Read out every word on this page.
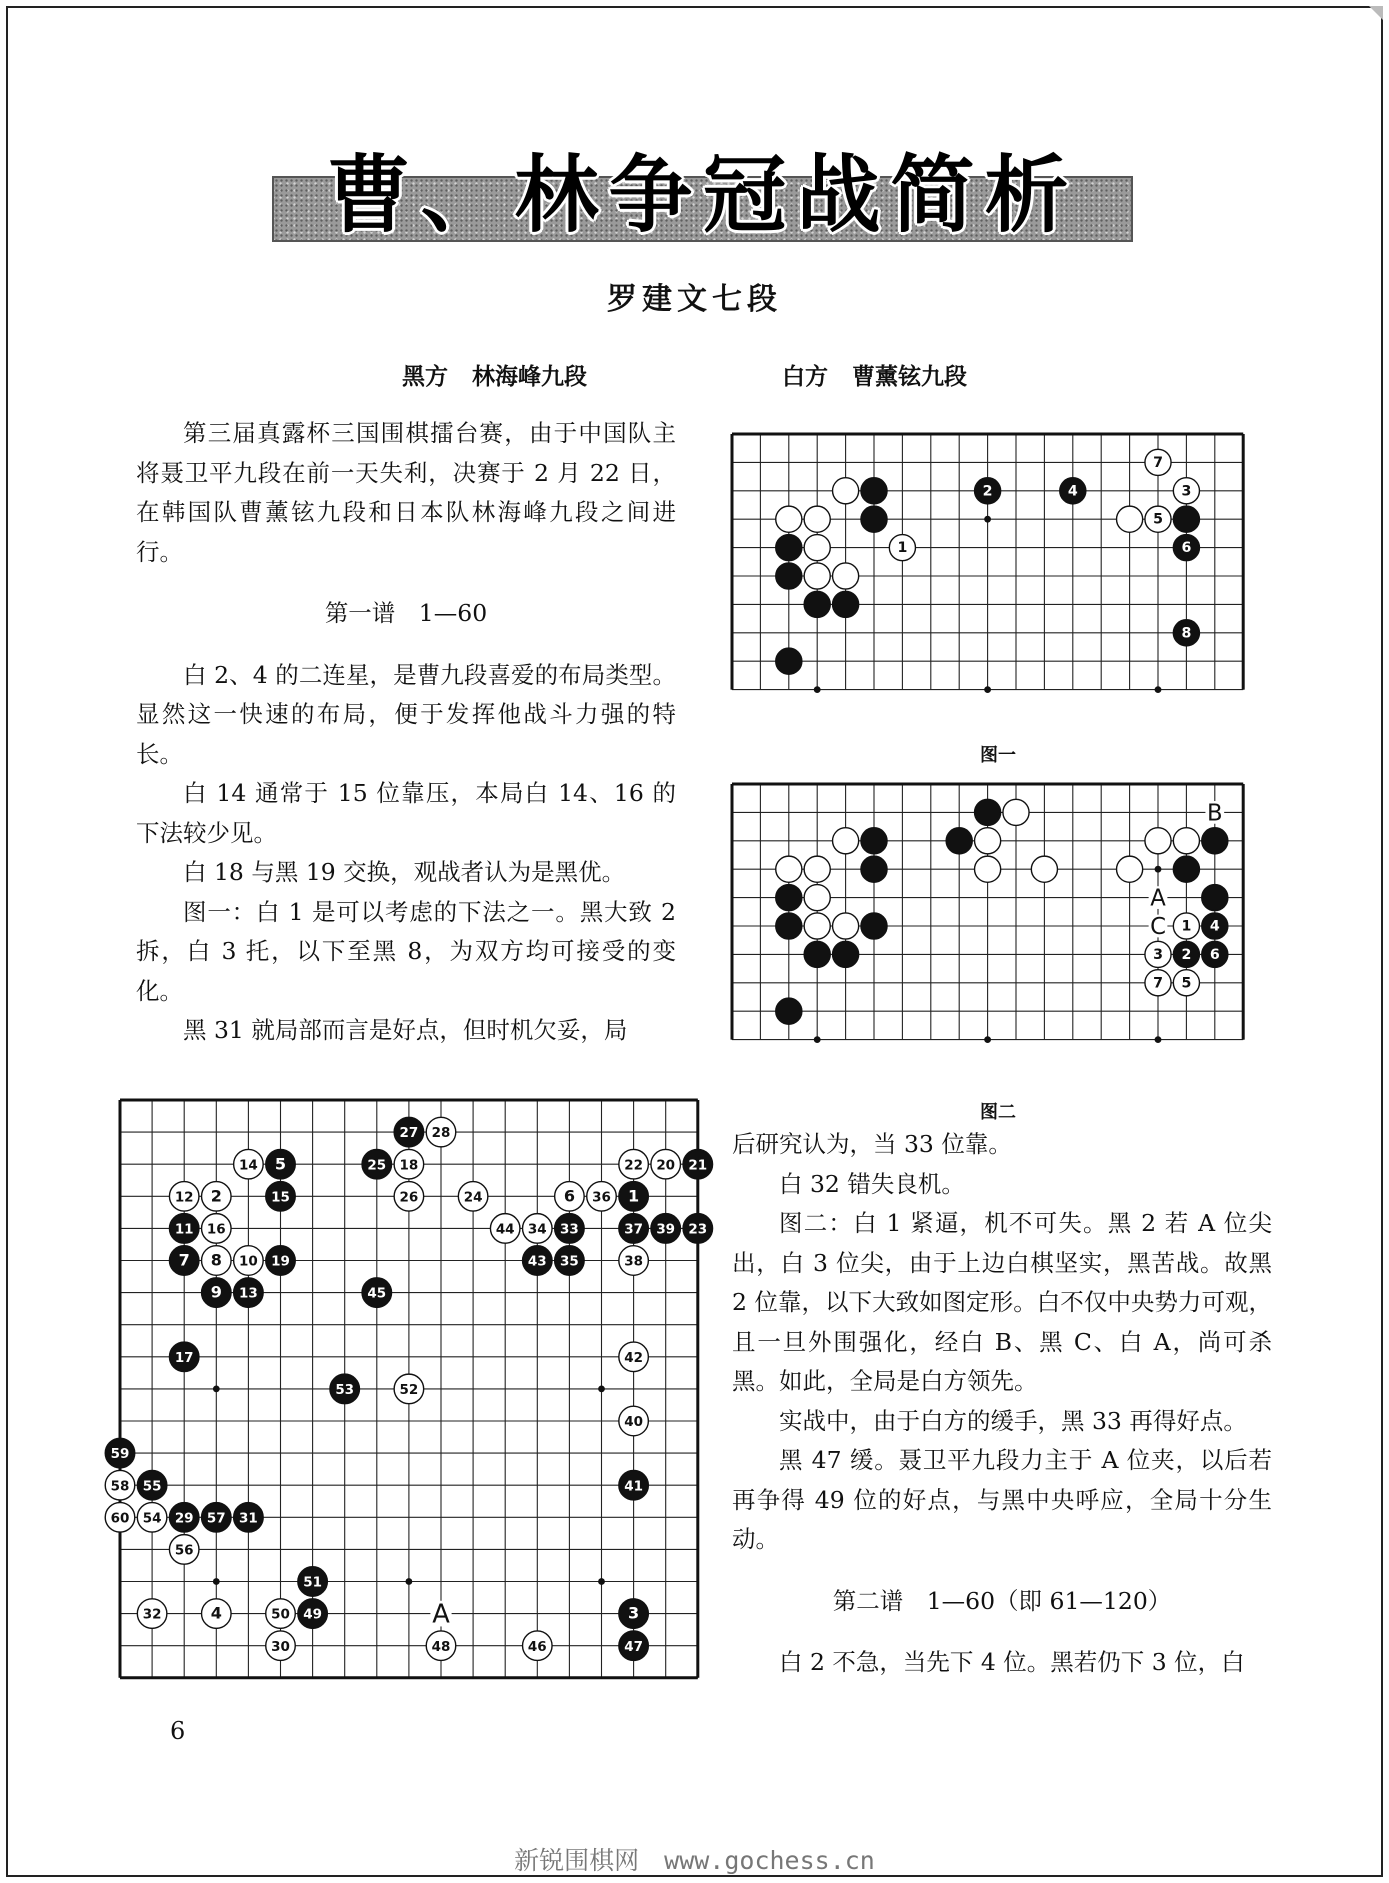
曹、林争冠战简析
罗建文七段
黑方 林海峰九段	白方 曹薰铉九段

第三届真露杯三国围棋擂台赛，由于中国队主将聂卫平九段在前一天失利，决赛于 2 月 22 日，在韩国队曹薰铉九段和日本队林海峰九段之间进行。

第一谱　1—60

白 2、4 的二连星，是曹九段喜爱的布局类型。显然这一快速的布局，便于发挥他战斗力强的特长。

白 14 通常于 15 位靠压，本局白 14、16 的下法较少见。

白 18 与黑 19 交换，观战者认为是黑优。

图一：白 1 是可以考虑的下法之一。黑大致 2 拆，白 3 托，以下至黑 8，为双方均可接受的变化。

黑 31 就局部而言是好点，但时机欠妥，局

后研究认为，当 33 位靠。

白 32 错失良机。

图二：白 1 紧逼，机不可失。黑 2 若 A 位尖出，白 3 位尖，由于上边白棋坚实，黑苦战。故黑 2 位靠，以下大致如图定形。白不仅中央势力可观，且一旦外围强化，经白 B、黑 C、白 A，尚可杀黑。如此，全局是白方领先。

实战中，由于白方的缓手，黑 33 再得好点。

黑 47 缓。聂卫平九段力主于 A 位夹，以后若再争得 49 位的好点，与黑中央呼应，全局十分生动。

第二谱　1—60（即 61—120）

白 2 不急，当先下 4 位。黑若仍下 3 位，白

1
2	3
4
5
6
7
8
图一
1
2
3
4
5
6
7
B
A
C
图二
1
2
3
4
5
6
7 8
9
10
11
12
13
14
15
16
17
18
19
20 21
22
23
24
25
26
27 28
29
30
31
32
33
34
35
36
37
38
39
40
41
42
43
44
45
46	47
48
49
50
51
52
53
54
55
56
57
58
59
60
A
6
新锐围棋网　www.gochess.cn
